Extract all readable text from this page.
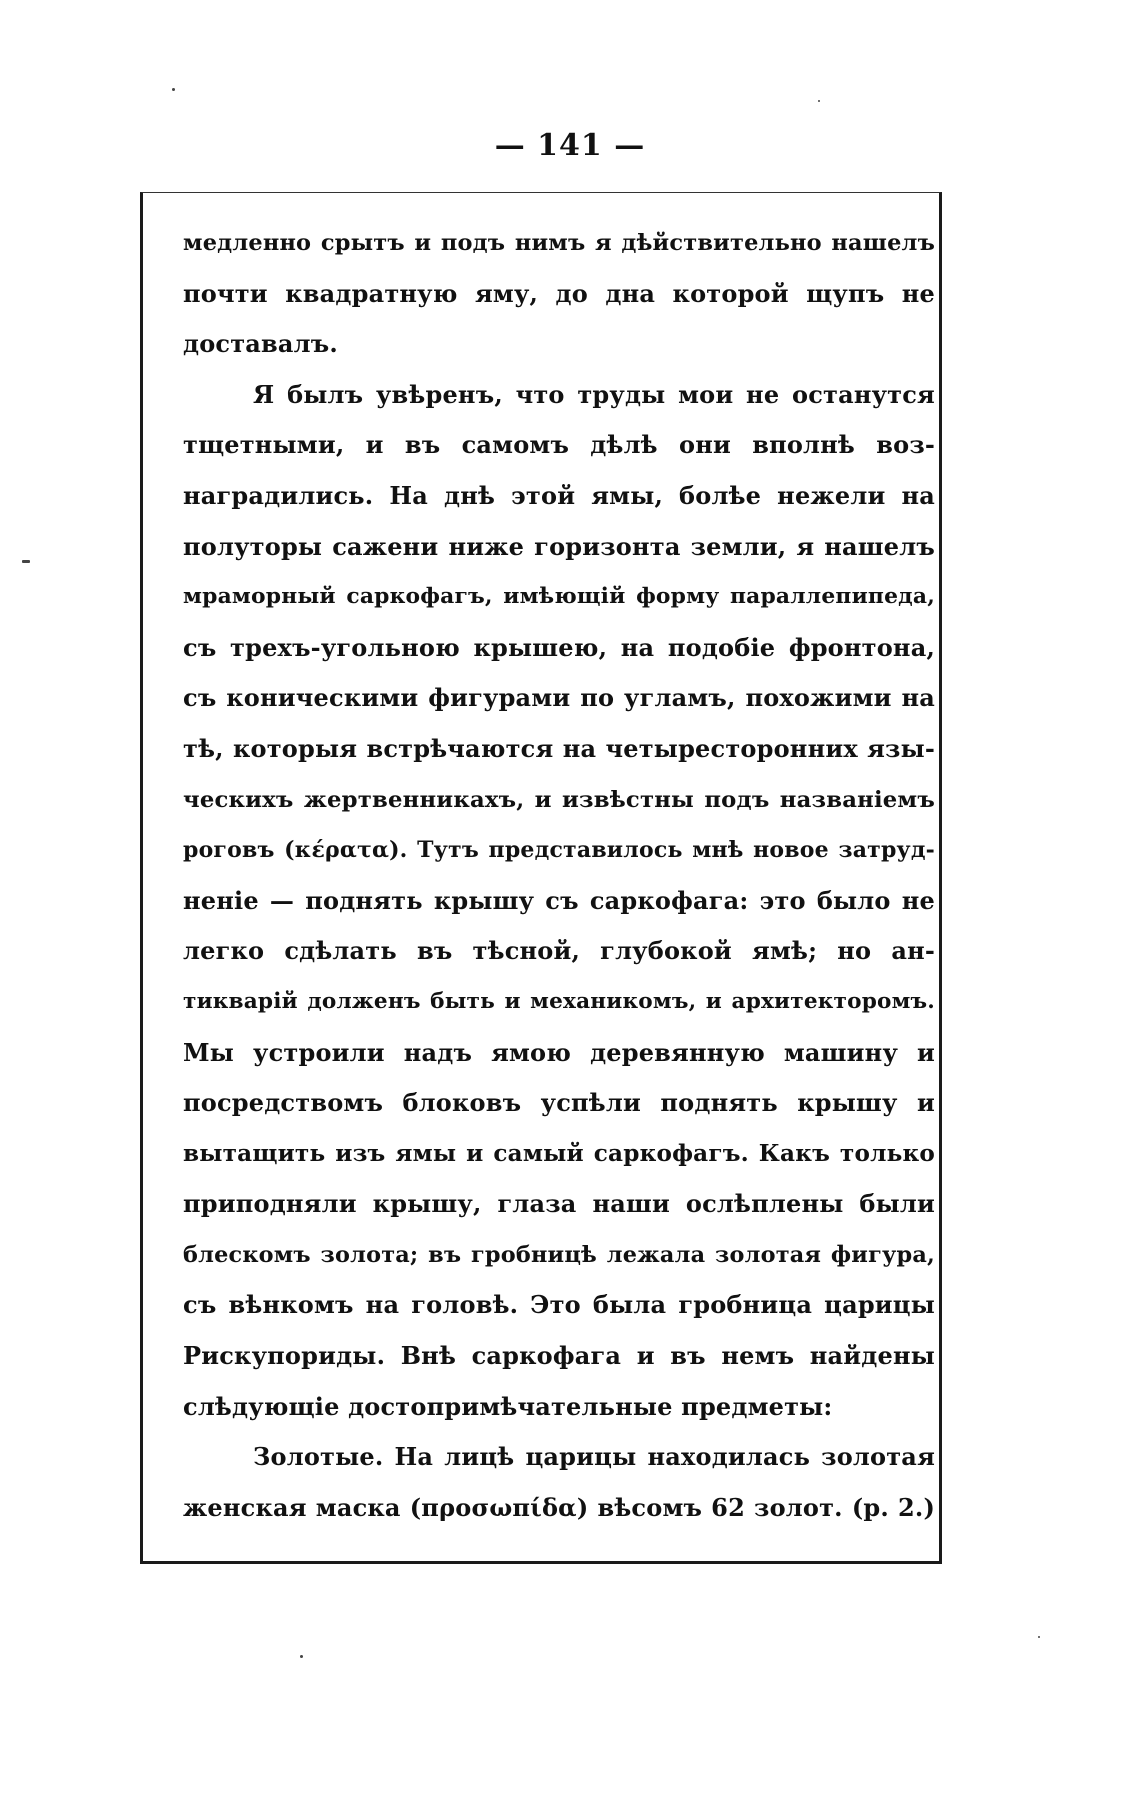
— 141 —
медленно срытъ и подъ нимъ я дѣйствительно нашелъ
почти квадратную яму, до дна которой щупъ не
доставалъ.
Я былъ увѣренъ, что труды мои не останутся
тщетными, и въ самомъ дѣлѣ они вполнѣ воз-
наградились. На днѣ этой ямы, болѣе нежели на
полуторы сажени ниже горизонта земли, я нашелъ
мраморный саркофагъ, имѣющій форму параллепипеда,
съ трехъ-угольною крышею, на подобіе фронтона,
съ коническими фигурами по угламъ, похожими на
тѣ, которыя встрѣчаются на четыресторонних язы-
ческихъ жертвенникахъ, и извѣстны подъ названіемъ
роговъ (κέρατα). Тутъ представилось мнѣ новое затруд-
неніе — поднять крышу съ саркофага: это было не
легко сдѣлать въ тѣсной, глубокой ямѣ; но ан-
тикварій долженъ быть и механикомъ, и архитекторомъ.
Мы устроили надъ ямою деревянную машину и
посредствомъ блоковъ успѣли поднять крышу и
вытащить изъ ямы и самый саркофагъ. Какъ только
приподняли крышу, глаза наши ослѣплены были
блескомъ золота; въ гробницѣ лежала золотая фигура,
съ вѣнкомъ на головѣ. Это была гробница царицы
Рискупориды. Внѣ саркофага и въ немъ найдены
слѣдующіе достопримѣчательные предметы:
Золотые. На лицѣ царицы находилась золотая
женская маска (προσωπίδα) вѣсомъ 62 золот. (р. 2.)
